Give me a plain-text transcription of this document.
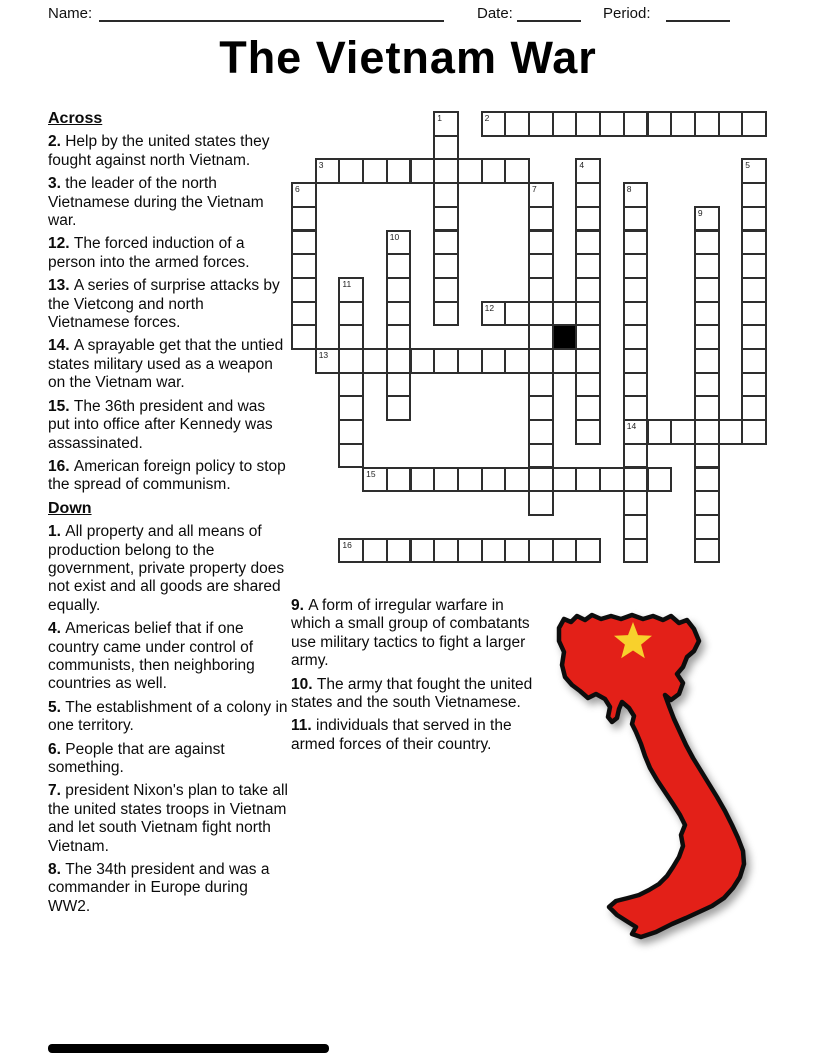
Name:	Date:	Period:
The Vietnam War

Across

2. Help by the united states they fought against north Vietnam.

3. the leader of the north Vietnamese during the Vietnam war.

12. The forced induction of a person into the armed forces.

13. A series of surprise attacks by the Vietcong and north Vietnamese forces.

14. A sprayable get that the untied states military used as a weapon on the Vietnam war.

15. The 36th president and was put into office after Kennedy was assassinated.

16. American foreign policy to stop the spread of communism.

Down

1. All property and all means of production belong to the government, private property does not exist and all goods are shared equally.

4. Americas belief that if one country came under control of communists, then neighboring countries as well.

5. The establishment of a colony in one territory.

6. People that are against something.

7. president Nixon's plan to take all the united states troops in Vietnam and let south Vietnam fight north Vietnam.

8. The 34th president and was a commander in Europe during WW2.

9. A form of irregular warfare in which a small group of combatants use military tactics to fight a larger army.

10. The army that fought the united states and the south Vietnamese.

11. individuals that served in the armed forces of their country.

1	2
3	4	5
6	7	8
9
10
11
12
13
14
15
16
